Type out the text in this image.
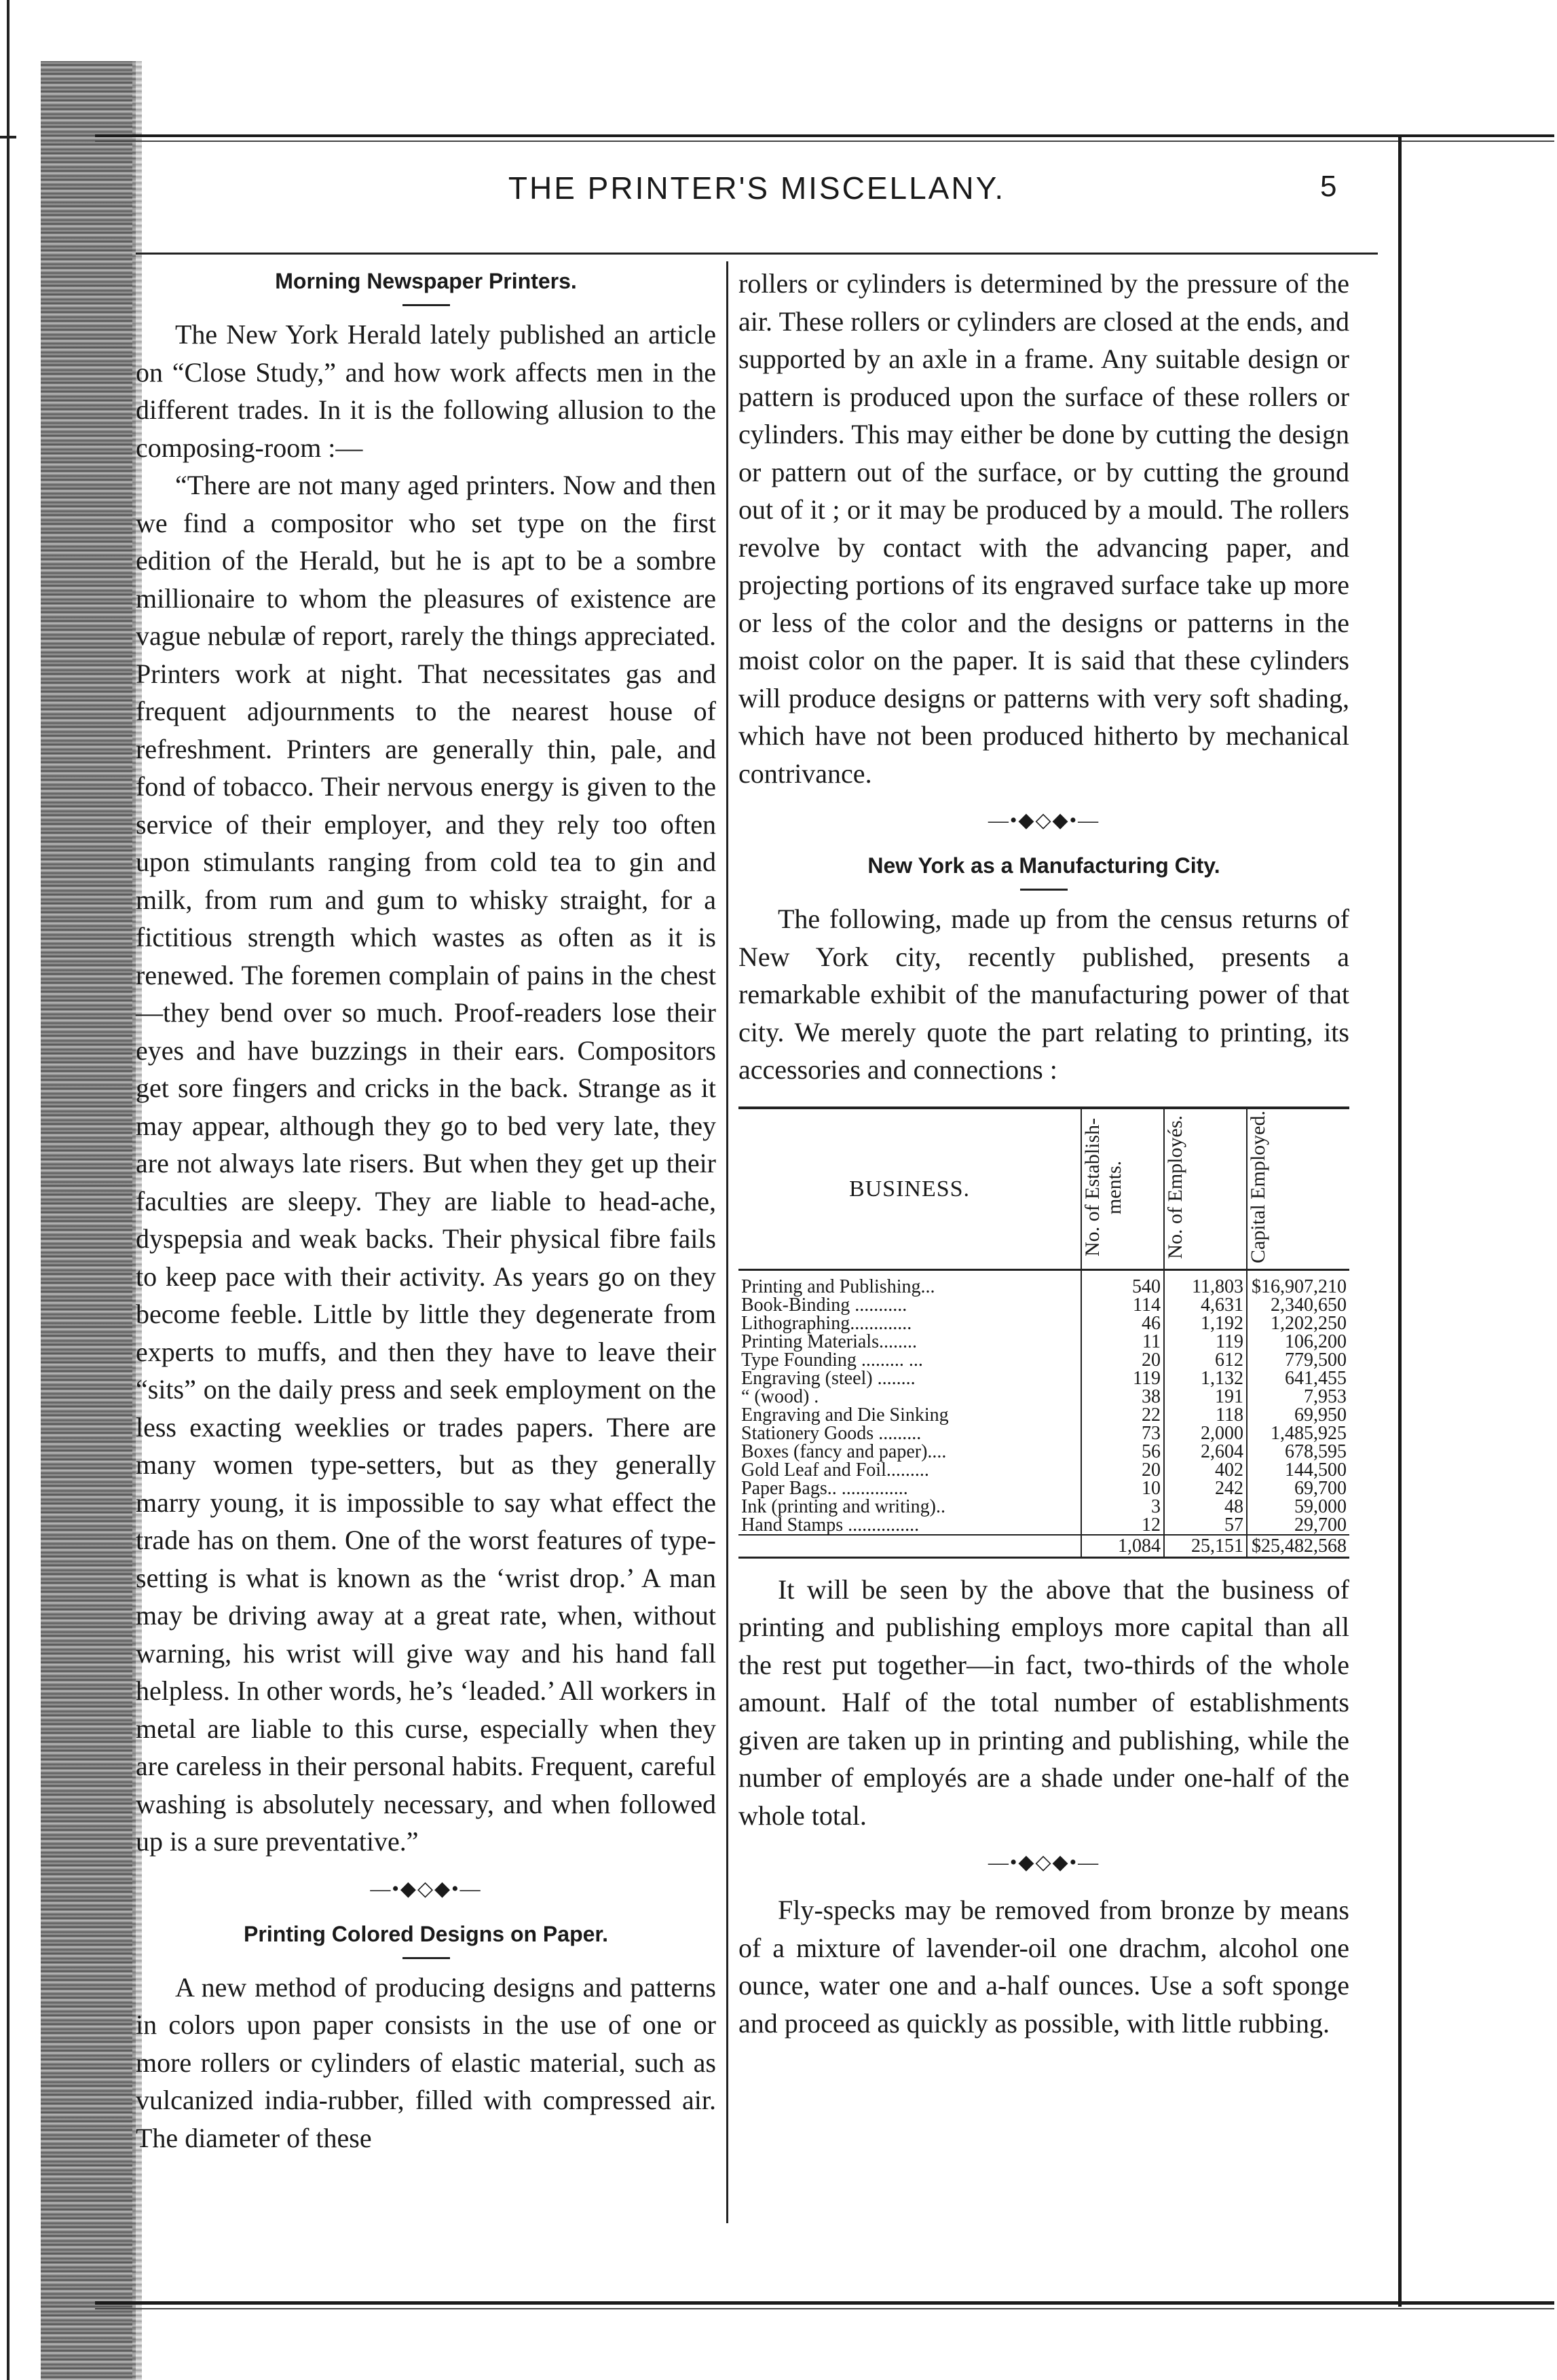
THE PRINTER'S MISCELLANY.	5
Morning Newspaper Printers.

The New York Herald lately published an article on “Close Study,” and how work affects men in the different trades. In it is the following allusion to the composing-room :—

“There are not many aged printers. Now and then we find a compositor who set type on the first edition of the Herald, but he is apt to be a sombre millionaire to whom the pleasures of existence are vague nebulæ of report, rarely the things appreciated. Printers work at night. That necessitates gas and frequent adjournments to the nearest house of refreshment. Printers are generally thin, pale, and fond of tobacco. Their nervous energy is given to the service of their employer, and they rely too often upon stimulants ranging from cold tea to gin and milk, from rum and gum to whisky straight, for a fictitious strength which wastes as often as it is renewed. The foremen complain of pains in the chest—they bend over so much. Proof-readers lose their eyes and have buzzings in their ears. Compositors get sore fingers and cricks in the back. Strange as it may appear, although they go to bed very late, they are not always late risers. But when they get up their faculties are sleepy. They are liable to head-ache, dyspepsia and weak backs. Their physical fibre fails to keep pace with their activity. As years go on they become feeble. Little by little they degenerate from experts to muffs, and then they have to leave their “sits” on the daily press and seek employment on the less exacting weeklies or trades papers. There are many women type-setters, but as they generally marry young, it is impossible to say what effect the trade has on them. One of the worst features of type-setting is what is known as the ‘wrist drop.’ A man may be driving away at a great rate, when, without warning, his wrist will give way and his hand fall helpless. In other words, he’s ‘leaded.’ All workers in metal are liable to this curse, especially when they are careless in their personal habits. Frequent, careful washing is absolutely necessary, and when followed up is a sure preventative.”

—•◆◇◆•—
Printing Colored Designs on Paper.

A new method of producing designs and patterns in colors upon paper consists in the use of one or more rollers or cylinders of elastic material, such as vulcanized india-rubber, filled with compressed air. The diameter of these

rollers or cylinders is determined by the pressure of the air. These rollers or cylinders are closed at the ends, and supported by an axle in a frame. Any suitable design or pattern is produced upon the surface of these rollers or cylinders. This may either be done by cutting the design or pattern out of the surface, or by cutting the ground out of it ; or it may be produced by a mould. The rollers revolve by contact with the advancing paper, and projecting portions of its engraved surface take up more or less of the color and the designs or patterns in the moist color on the paper. It is said that these cylinders will produce designs or patterns with very soft shading, which have not been produced hitherto by mechanical contrivance.

—•◆◇◆•—
New York as a Manufacturing City.

The following, made up from the census returns of New York city, recently published, presents a remarkable exhibit of the manufacturing power of that city. We merely quote the part relating to printing, its accessories and connections :

BUSINESS.	No. of Establish-ments.	No. of Employés.	Capital Employed.
Printing and Publishing...	540	11,803	$16,907,210
Book-Binding ...........	114	4,631	2,340,650
Lithographing.............	46	1,192	1,202,250
Printing Materials........	11	119	106,200
Type Founding ......... ...	20	612	779,500
Engraving (steel) ........	119	1,132	641,455
“ (wood) .	38	191	7,953
Engraving and Die Sinking	22	118	69,950
Stationery Goods .........	73	2,000	1,485,925
Boxes (fancy and paper)....	56	2,604	678,595
Gold Leaf and Foil.........	20	402	144,500
Paper Bags.. ..............	10	242	69,700
Ink (printing and writing)..	3	48	59,000
Hand Stamps ...............	12	57	29,700
	1,084	25,151	$25,482,568

It will be seen by the above that the business of printing and publishing employs more capital than all the rest put together—in fact, two-thirds of the whole amount. Half of the total number of establishments given are taken up in printing and publishing, while the number of employés are a shade under one-half of the whole total.

—•◆◇◆•—

Fly-specks may be removed from bronze by means of a mixture of lavender-oil one drachm, alcohol one ounce, water one and a-half ounces. Use a soft sponge and proceed as quickly as possible, with little rubbing.
